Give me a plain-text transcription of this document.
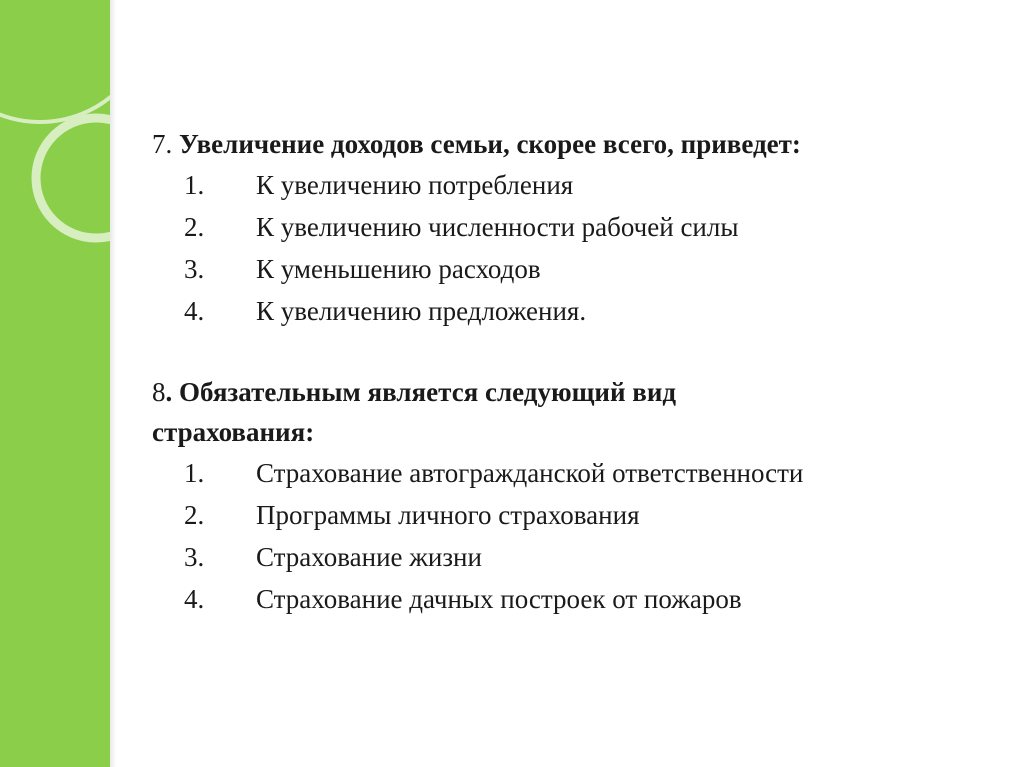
7. Увеличение доходов семьи, скорее всего, приведет:

1.	К увеличению потребления
2.	К увеличению численности рабочей силы
3.	К уменьшению расходов
4.	К увеличению предложения.

8. Обязательным является следующий вид

страхования:

1.	Страхование автогражданской ответственности
2.	Программы личного страхования
3.	Страхование жизни
4.	Страхование дачных построек от пожаров
